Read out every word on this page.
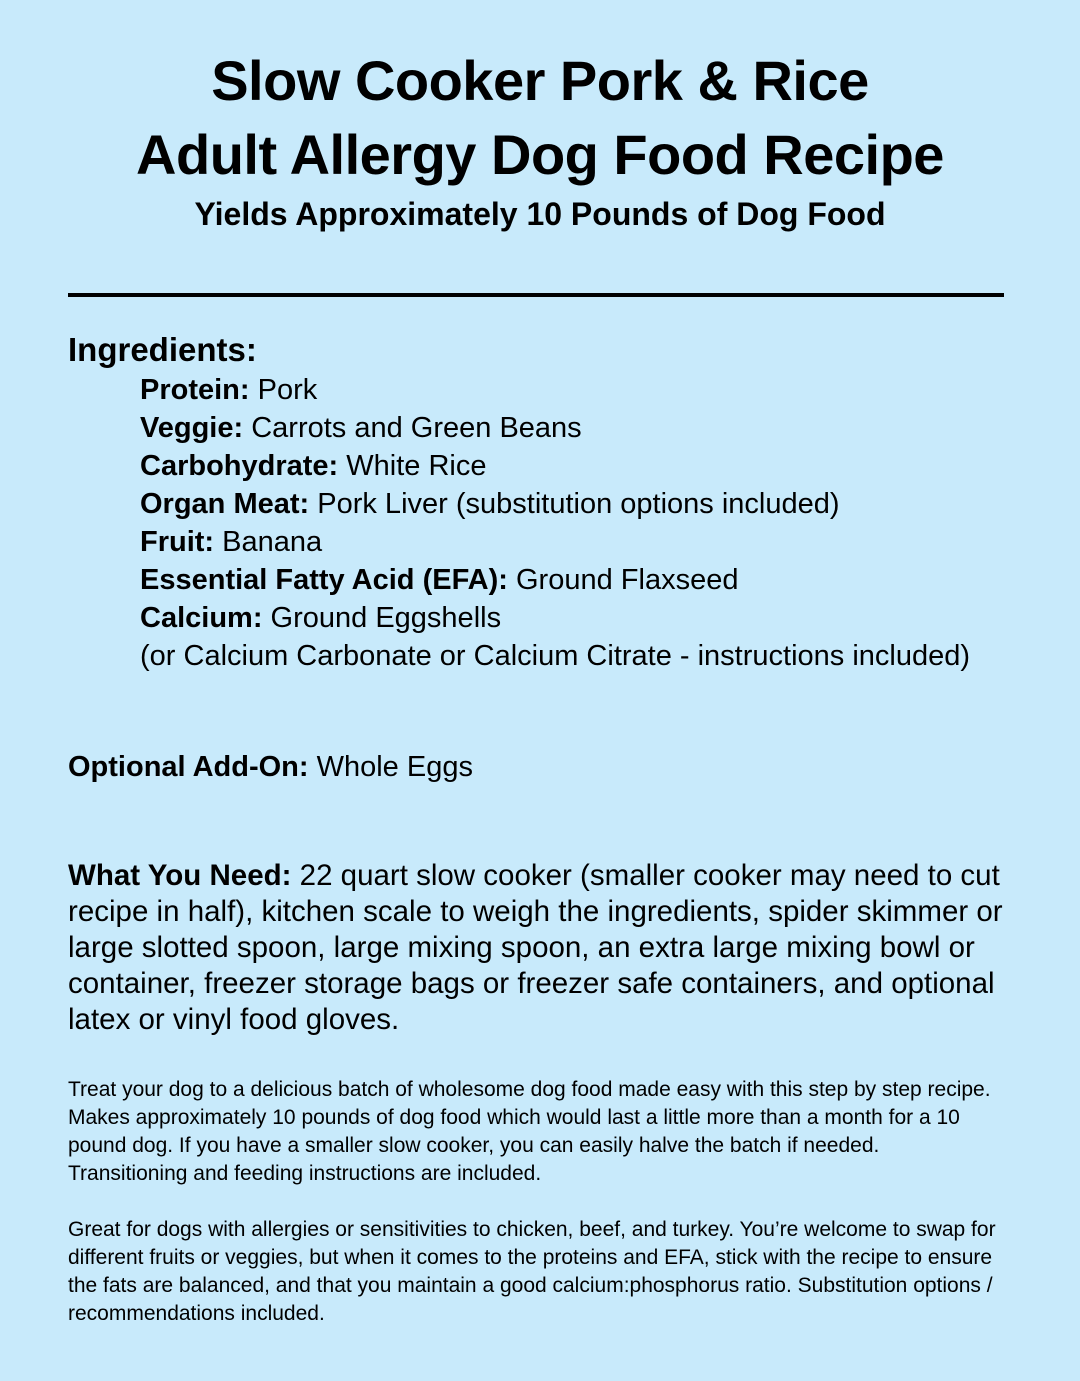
Slow Cooker Pork & Rice
Adult Allergy Dog Food Recipe

Yields Approximately 10 Pounds of Dog Food

Ingredients:
Protein: Pork
Veggie: Carrots and Green Beans
Carbohydrate: White Rice
Organ Meat: Pork Liver (substitution options included)
Fruit: Banana
Essential Fatty Acid (EFA): Ground Flaxseed
Calcium: Ground Eggshells
(or Calcium Carbonate or Calcium Citrate - instructions included)

Optional Add-On: Whole Eggs

What You Need: 22 quart slow cooker (smaller cooker may need to cut recipe in half), kitchen scale to weigh the ingredients, spider skimmer or large slotted spoon, large mixing spoon, an extra large mixing bowl or container, freezer storage bags or freezer safe containers, and optional latex or vinyl food gloves.

Treat your dog to a delicious batch of wholesome dog food made easy with this step by step recipe. Makes approximately 10 pounds of dog food which would last a little more than a month for a 10 pound dog. If you have a smaller slow cooker, you can easily halve the batch if needed. Transitioning and feeding instructions are included.

Great for dogs with allergies or sensitivities to chicken, beef, and turkey. You’re welcome to swap for different fruits or veggies, but when it comes to the proteins and EFA, stick with the recipe to ensure the fats are balanced, and that you maintain a good calcium:phosphorus ratio. Substitution options / recommendations included.
